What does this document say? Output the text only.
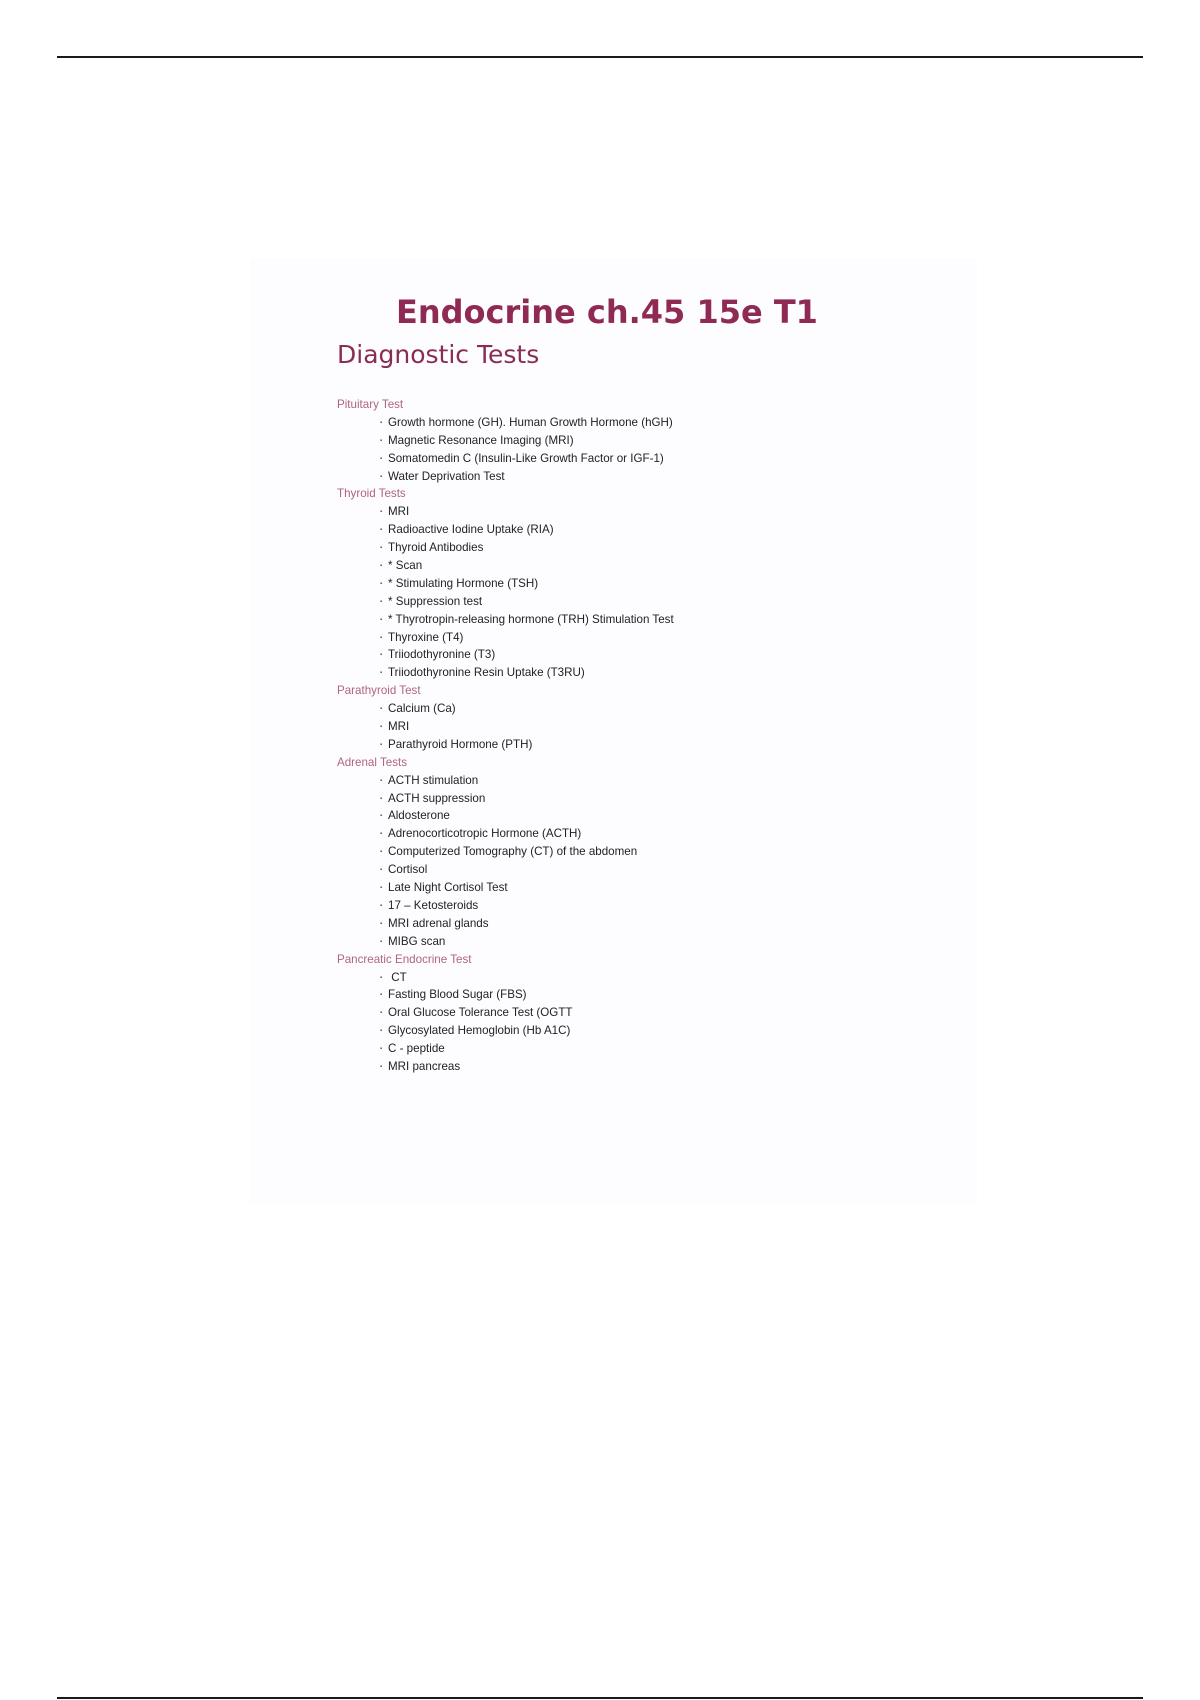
Endocrine ch.45 15e T1
Diagnostic Tests
Pituitary Test
▪ Growth hormone (GH). Human Growth Hormone (hGH)
▪ Magnetic Resonance Imaging (MRI)
▪ Somatomedin C (Insulin-Like Growth Factor or IGF-1)
▪ Water Deprivation Test
Thyroid Tests
▪ MRI
▪ Radioactive Iodine Uptake (RIA)
▪ Thyroid Antibodies
▪ * Scan
▪ * Stimulating Hormone (TSH)
▪ * Suppression test
▪ * Thyrotropin-releasing hormone (TRH) Stimulation Test
▪ Thyroxine (T4)
▪ Triiodothyronine (T3)
▪ Triiodothyronine Resin Uptake (T3RU)
Parathyroid Test
▪ Calcium (Ca)
▪ MRI
▪ Parathyroid Hormone (PTH)
Adrenal Tests
▪ ACTH stimulation
▪ ACTH suppression
▪ Aldosterone
▪ Adrenocorticotropic Hormone (ACTH)
▪ Computerized Tomography (CT) of the abdomen
▪ Cortisol
▪ Late Night Cortisol Test
▪ 17 – Ketosteroids
▪ MRI adrenal glands
▪ MIBG scan
Pancreatic Endocrine Test
▪ CT
▪ Fasting Blood Sugar (FBS)
▪ Oral Glucose Tolerance Test (OGTT
▪ Glycosylated Hemoglobin (Hb A1C)
▪ C - peptide
▪ MRI pancreas
